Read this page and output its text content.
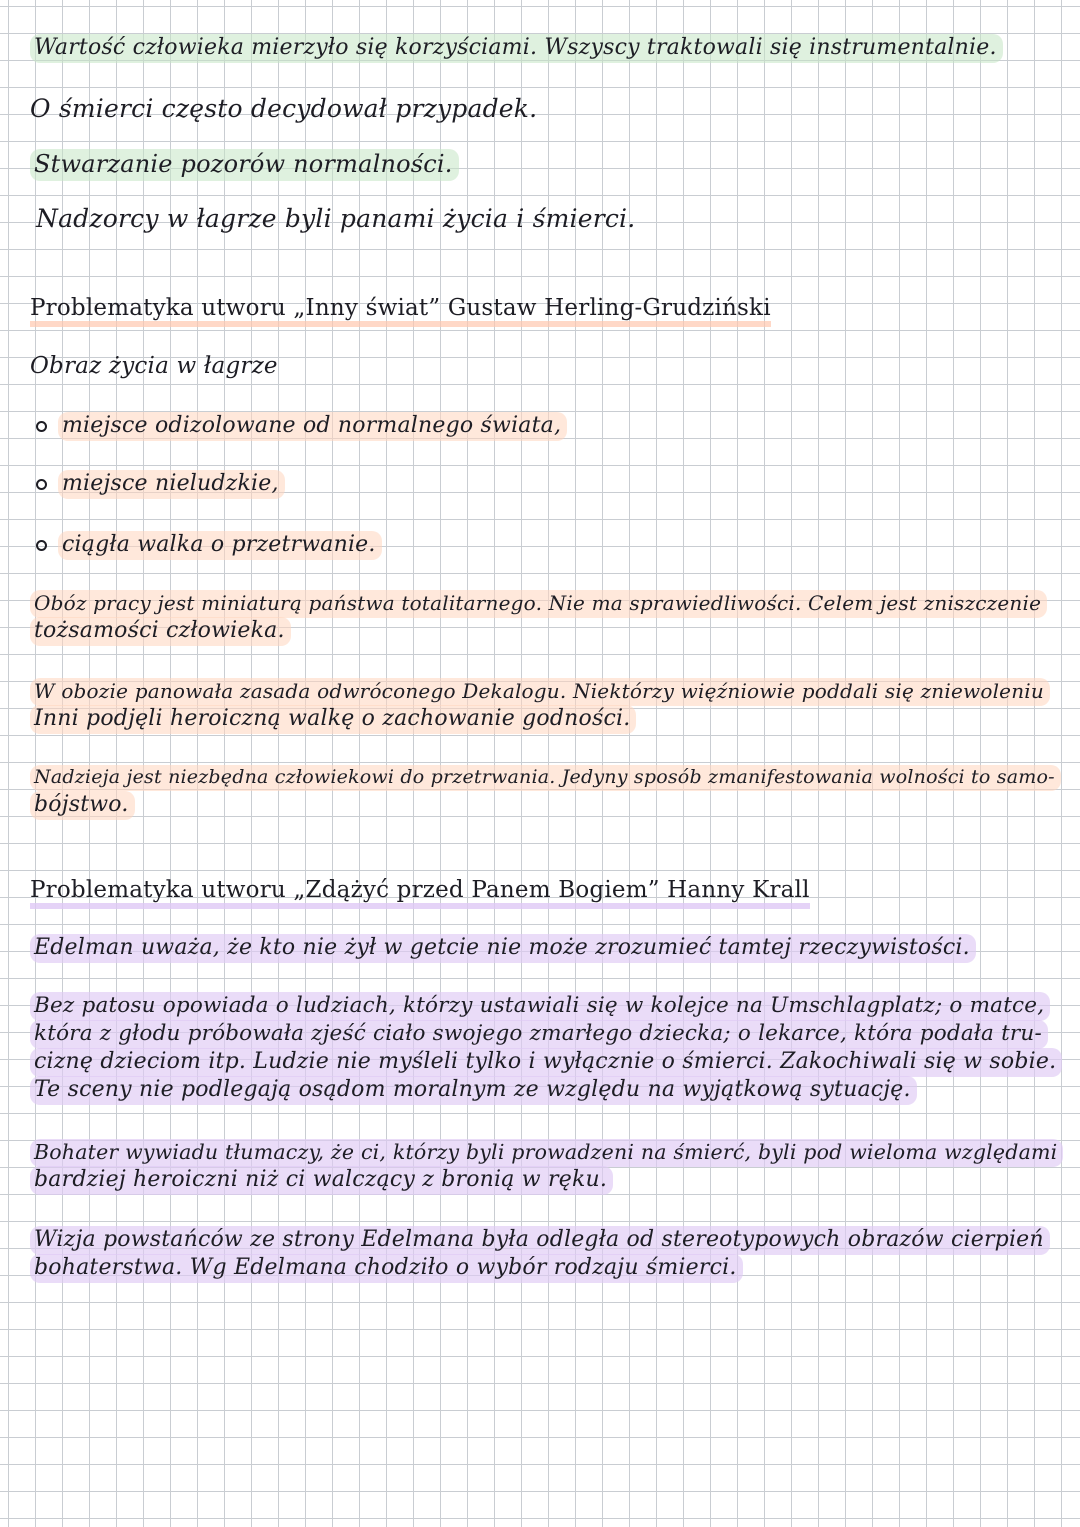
Wartość człowieka mierzyło się korzyściami. Wszyscy traktowali się instrumentalnie.
O śmierci często decydował przypadek.
Stwarzanie pozorów normalności.
Nadzorcy w łagrze byli panami życia i śmierci.
Problematyka utworu „Inny świat” Gustaw Herling-Grudziński
Obraz życia w łagrze
miejsce odizolowane od normalnego świata,
miejsce nieludzkie,
ciągła walka o przetrwanie.
Obóz pracy jest miniaturą państwa totalitarnego. Nie ma sprawiedliwości. Celem jest zniszczenie
tożsamości człowieka.
W obozie panowała zasada odwróconego Dekalogu. Niektórzy więźniowie poddali się zniewoleniu
Inni podjęli heroiczną walkę o zachowanie godności.
Nadzieja jest niezbędna człowiekowi do przetrwania. Jedyny sposób zmanifestowania wolności to samo-
bójstwo.
Problematyka utworu „Zdążyć przed Panem Bogiem” Hanny Krall
Edelman uważa, że kto nie żył w getcie nie może zrozumieć tamtej rzeczywistości.
Bez patosu opowiada o ludziach, którzy ustawiali się w kolejce na Umschlagplatz; o matce,
która z głodu próbowała zjeść ciało swojego zmarłego dziecka; o lekarce, która podała tru-
ciznę dzieciom itp. Ludzie nie myśleli tylko i wyłącznie o śmierci. Zakochiwali się w sobie.
Te sceny nie podlegają osądom moralnym ze względu na wyjątkową sytuację.
Bohater wywiadu tłumaczy, że ci, którzy byli prowadzeni na śmierć, byli pod wieloma względami
bardziej heroiczni niż ci walczący z bronią w ręku.
Wizja powstańców ze strony Edelmana była odległa od stereotypowych obrazów cierpień
bohaterstwa. Wg Edelmana chodziło o wybór rodzaju śmierci.
